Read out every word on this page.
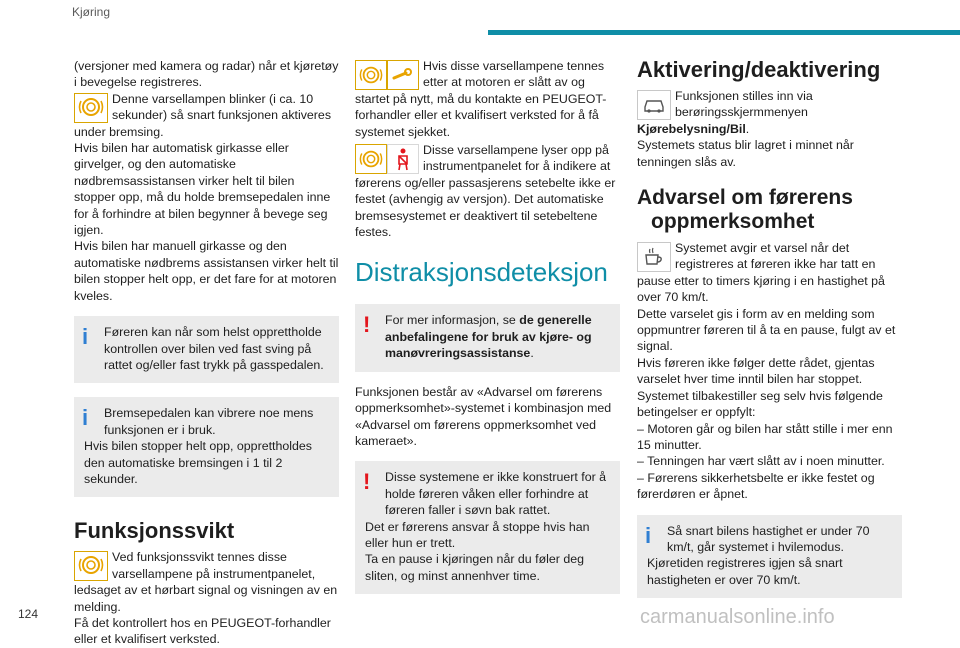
Kjøring

(versjoner med kamera og radar) når et kjøretøy i bevegelse registreres.

Denne varsellampen blinker (i ca. 10 sekunder) så snart funksjonen aktiveres under bremsing.

Hvis bilen har automatisk girkasse eller girvelger, og den automatiske nødbremsassistansen virker helt til bilen stopper opp, må du holde bremsepedalen inne for å forhindre at bilen begynner å bevege seg igjen.

Hvis bilen har manuell girkasse og den automatiske nødbrems assistansen virker helt til bilen stopper helt opp, er det fare for at motoren kveles.

i	Føreren kan når som helst opprettholde kontrollen over bilen ved fast sving på rattet og/eller fast trykk på gasspedalen.

i	Bremsepedalen kan vibrere noe mens funksjonen er i bruk.

Hvis bilen stopper helt opp, opprettholdes den automatiske bremsingen i 1 til 2 sekunder.

Funksjonssvikt
Ved funksjonssvikt tennes disse varsellampene på instrumentpanelet, ledsaget av et hørbart signal og visningen av en melding.

Få det kontrollert hos en PEUGEOT-forhandler eller et kvalifisert verksted.

Hvis disse varsellampene tennes etter at motoren er slått av og startet på nytt, må du kontakte en PEUGEOT-forhandler eller et kvalifisert verksted for å få systemet sjekket.
Disse varsellampene lyser opp på instrumentpanelet for å indikere at førerens og/eller passasjerens setebelte ikke er festet (avhengig av versjon). Det automatiske bremsesystemet er deaktivert til setebeltene festes.
Distraksjonsdeteksjon
!	For mer informasjon, se de generelle anbefalingene for bruk av kjøre- og manøvreringsassistanse.

Funksjonen består av «Advarsel om førerens oppmerksomhet»-systemet i kombinasjon med «Advarsel om førerens oppmerksomhet ved kameraet».

!	Disse systemene er ikke konstruert for å holde føreren våken eller forhindre at føreren faller i søvn bak rattet.

Det er førerens ansvar å stoppe hvis han eller hun er trett.

Ta en pause i kjøringen når du føler deg sliten, og minst annenhver time.

Aktivering/deaktivering
Funksjonen stilles inn via berøringsskjermmenyen

Kjørebelysning/Bil.

Systemets status blir lagret i minnet når tenningen slås av.

Advarsel om førerens
oppmerksomhet
Systemet avgir et varsel når det registreres at føreren ikke har tatt en pause etter to timers kjøring i en hastighet på over 70 km/t.

Dette varselet gis i form av en melding som oppmuntrer føreren til å ta en pause, fulgt av et signal.

Hvis føreren ikke følger dette rådet, gjentas varselet hver time inntil bilen har stoppet.

Systemet tilbakestiller seg selv hvis følgende betingelser er oppfylt:

– Motoren går og bilen har stått stille i mer enn 15 minutter.

– Tenningen har vært slått av i noen minutter.

– Førerens sikkerhetsbelte er ikke festet og førerdøren er åpnet.

i	Så snart bilens hastighet er under 70 km/t, går systemet i hvilemodus.

Kjøretiden registreres igjen så snart hastigheten er over 70 km/t.

124	carmanualsonline.info
